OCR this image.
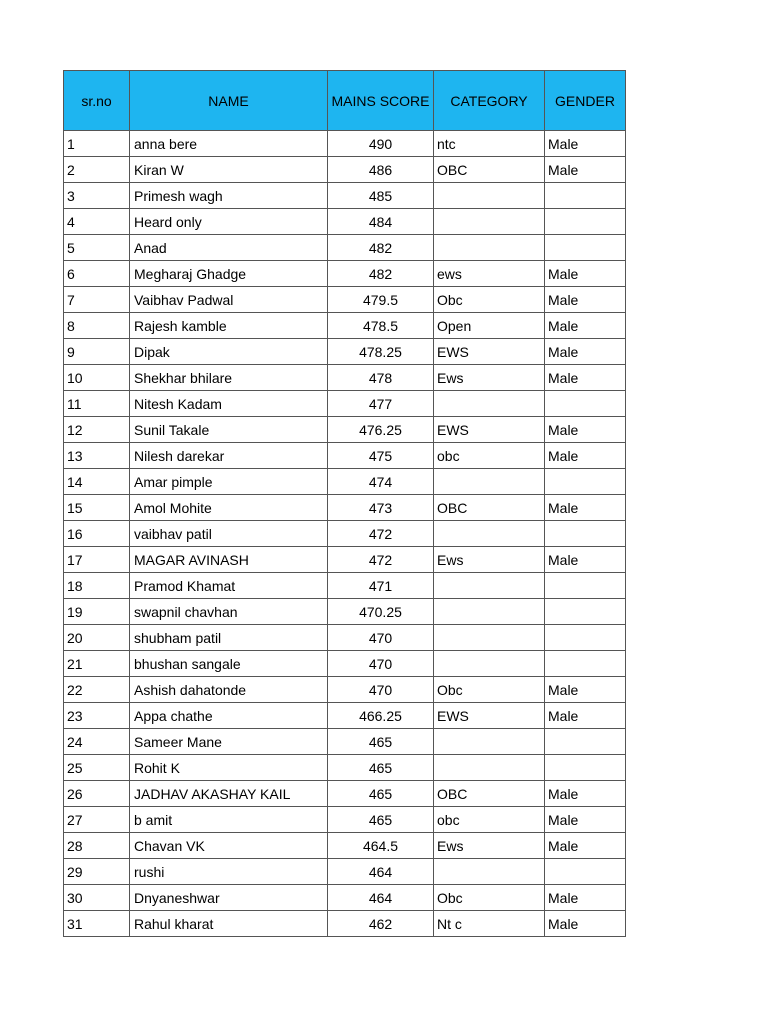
sr.no	NAME	MAINS SCORE	CATEGORY	GENDER
1	anna bere	490	ntc	Male
2	Kiran W	486	OBC	Male
3	Primesh wagh	485		
4	Heard only	484		
5	Anad	482		
6	Megharaj Ghadge	482	ews	Male
7	Vaibhav Padwal	479.5	Obc	Male
8	Rajesh kamble	478.5	Open	Male
9	Dipak	478.25	EWS	Male
10	Shekhar bhilare	478	Ews	Male
11	Nitesh Kadam	477		
12	Sunil Takale	476.25	EWS	Male
13	Nilesh darekar	475	obc	Male
14	Amar pimple	474		
15	Amol Mohite	473	OBC	Male
16	vaibhav patil	472		
17	MAGAR AVINASH	472	Ews	Male
18	Pramod Khamat	471		
19	swapnil chavhan	470.25		
20	shubham patil	470		
21	bhushan sangale	470		
22	Ashish dahatonde	470	Obc	Male
23	Appa chathe	466.25	EWS	Male
24	Sameer Mane	465		
25	Rohit K	465		
26	JADHAV AKASHAY KAIL	465	OBC	Male
27	b amit	465	obc	Male
28	Chavan VK	464.5	Ews	Male
29	rushi	464		
30	Dnyaneshwar	464	Obc	Male
31	Rahul kharat	462	Nt c	Male
